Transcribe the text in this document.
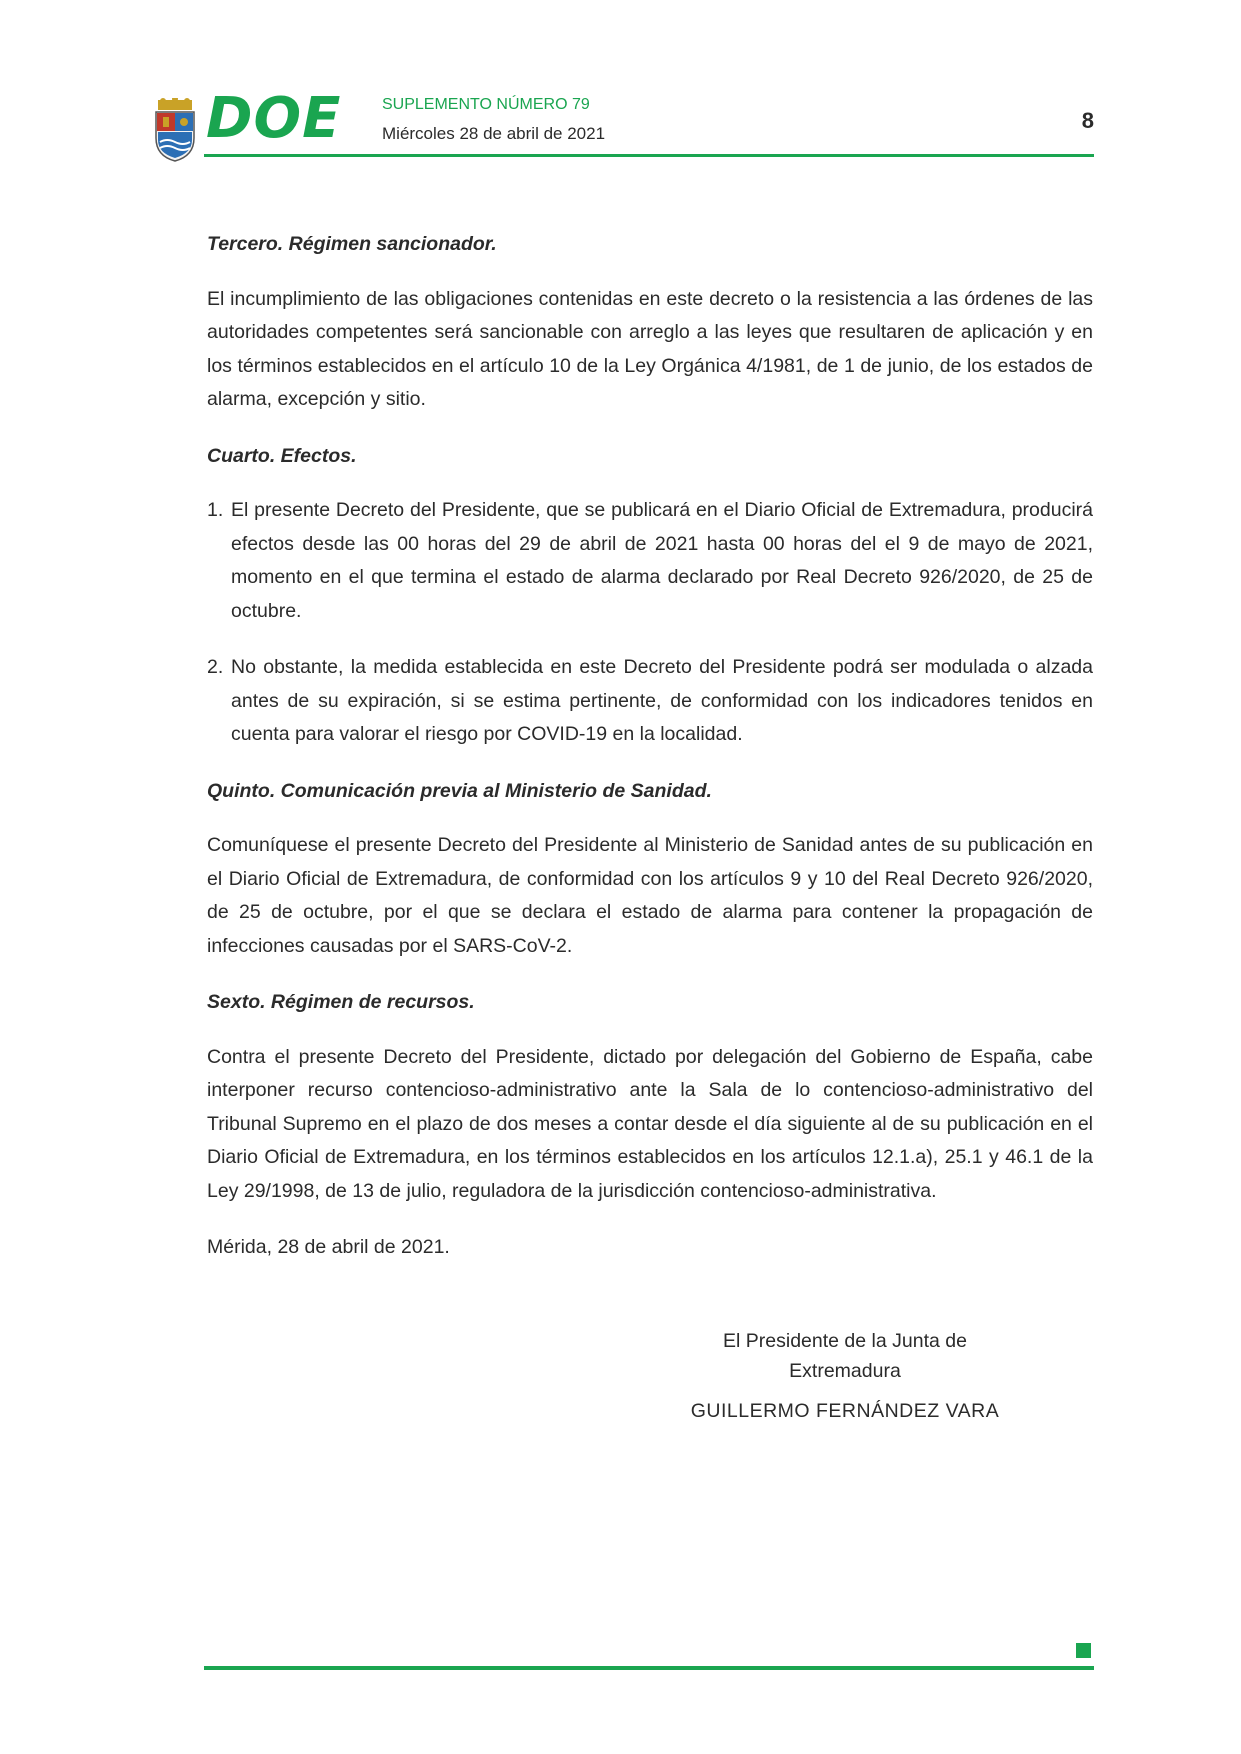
DOE	SUPLEMENTO NÚMERO 79
Miércoles 28 de abril de 2021
8
Tercero. Régimen sancionador.
El incumplimiento de las obligaciones contenidas en este decreto o la resistencia a las órdenes de las autoridades competentes será sancionable con arreglo a las leyes que resultaren de aplicación y en los términos establecidos en el artículo 10 de la Ley Orgánica 4/1981, de 1 de junio, de los estados de alarma, excepción y sitio.
Cuarto. Efectos.
1. El presente Decreto del Presidente, que se publicará en el Diario Oficial de Extremadura, producirá efectos desde las 00 horas del 29 de abril de 2021 hasta 00 horas del el 9 de mayo de 2021, momento en el que termina el estado de alarma declarado por Real Decreto 926/2020, de 25 de octubre.
2. No obstante, la medida establecida en este Decreto del Presidente podrá ser modulada o alzada antes de su expiración, si se estima pertinente, de conformidad con los indicadores tenidos en cuenta para valorar el riesgo por COVID-19 en la localidad.
Quinto. Comunicación previa al Ministerio de Sanidad.
Comuníquese el presente Decreto del Presidente al Ministerio de Sanidad antes de su publicación en el Diario Oficial de Extremadura, de conformidad con los artículos 9 y 10 del Real Decreto 926/2020, de 25 de octubre, por el que se declara el estado de alarma para contener la propagación de infecciones causadas por el SARS-CoV-2.
Sexto. Régimen de recursos.
Contra el presente Decreto del Presidente, dictado por delegación del Gobierno de España, cabe interponer recurso contencioso-administrativo ante la Sala de lo contencioso-administrativo del Tribunal Supremo en el plazo de dos meses a contar desde el día siguiente al de su publicación en el Diario Oficial de Extremadura, en los términos establecidos en los artículos 12.1.a), 25.1 y 46.1 de la Ley 29/1998, de 13 de julio, reguladora de la jurisdicción contencioso-administrativa.
Mérida, 28 de abril de 2021.
El Presidente de la Junta de
Extremadura
GUILLERMO FERNÁNDEZ VARA
